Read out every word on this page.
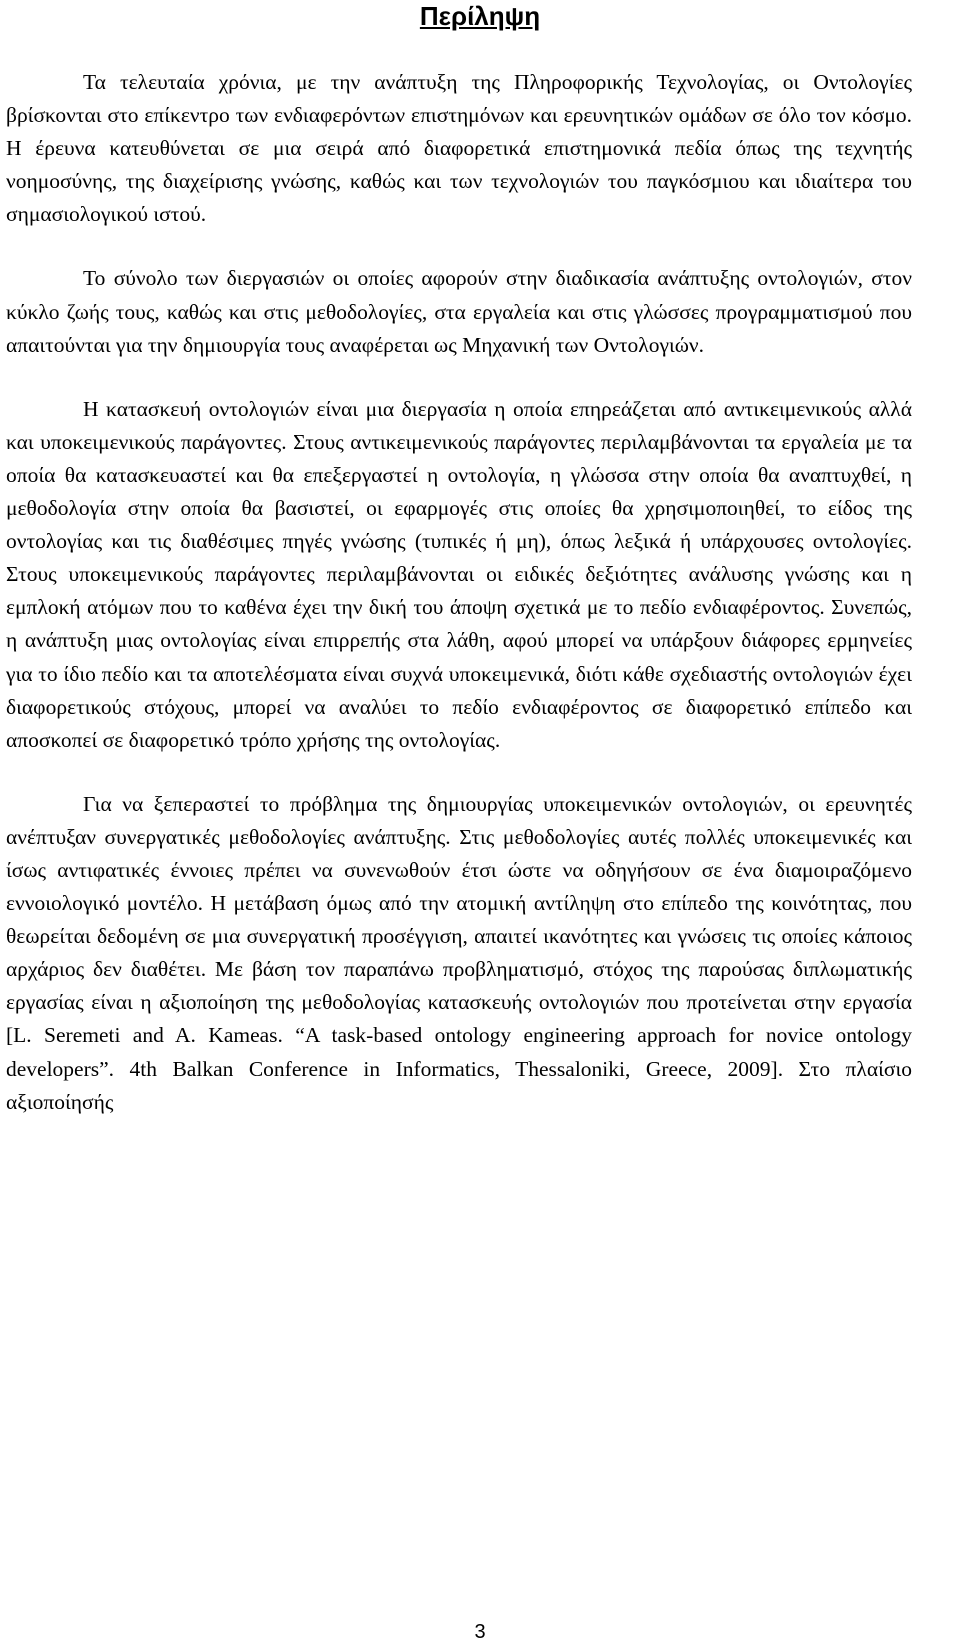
Περίληψη

Τα τελευταία χρόνια, με την ανάπτυξη της Πληροφορικής Τεχνολογίας, οι Οντολογίες βρίσκονται στο επίκεντρο των ενδιαφερόντων επιστημόνων και ερευνητικών ομάδων σε όλο τον κόσμο. Η έρευνα κατευθύνεται σε μια σειρά από διαφορετικά επιστημονικά πεδία όπως της τεχνητής νοημοσύνης, της διαχείρισης γνώσης, καθώς και των τεχνολογιών του παγκόσμιου και ιδιαίτερα του σημασιολογικού ιστού.

Το σύνολο των διεργασιών οι οποίες αφορούν στην διαδικασία ανάπτυξης οντολογιών, στον κύκλο ζωής τους, καθώς και στις μεθοδολογίες, στα εργαλεία και στις γλώσσες προγραμματισμού που απαιτούνται για την δημιουργία τους αναφέρεται ως Μηχανική των Οντολογιών.

Η κατασκευή οντολογιών είναι μια διεργασία η οποία επηρεάζεται από αντικειμενικούς αλλά και υποκειμενικούς παράγοντες. Στους αντικειμενικούς παράγοντες περιλαμβάνονται τα εργαλεία με τα οποία θα κατασκευαστεί και θα επεξεργαστεί η οντολογία, η γλώσσα στην οποία θα αναπτυχθεί, η μεθοδολογία στην οποία θα βασιστεί, οι εφαρμογές στις οποίες θα χρησιμοποιηθεί, το είδος της οντολογίας και τις διαθέσιμες πηγές γνώσης (τυπικές ή μη), όπως λεξικά ή υπάρχουσες οντολογίες. Στους υποκειμενικούς παράγοντες περιλαμβάνονται οι ειδικές δεξιότητες ανάλυσης γνώσης και η εμπλοκή ατόμων που το καθένα έχει την δική του άποψη σχετικά με το πεδίο ενδιαφέροντος. Συνεπώς, η ανάπτυξη μιας οντολογίας είναι επιρρεπής στα λάθη, αφού μπορεί να υπάρξουν διάφορες ερμηνείες για το ίδιο πεδίο και τα αποτελέσματα είναι συχνά υποκειμενικά, διότι κάθε σχεδιαστής οντολογιών έχει διαφορετικούς στόχους, μπορεί να αναλύει το πεδίο ενδιαφέροντος σε διαφορετικό επίπεδο και αποσκοπεί σε διαφορετικό τρόπο χρήσης της οντολογίας.

Για να ξεπεραστεί το πρόβλημα της δημιουργίας υποκειμενικών οντολογιών, οι ερευνητές ανέπτυξαν συνεργατικές μεθοδολογίες ανάπτυξης. Στις μεθοδολογίες αυτές πολλές υποκειμενικές και ίσως αντιφατικές έννοιες πρέπει να συνενωθούν έτσι ώστε να οδηγήσουν σε ένα διαμοιραζόμενο εννοιολογικό μοντέλο. Η μετάβαση όμως από την ατομική αντίληψη στο επίπεδο της κοινότητας, που θεωρείται δεδομένη σε μια συνεργατική προσέγγιση, απαιτεί ικανότητες και γνώσεις τις οποίες κάποιος αρχάριος δεν διαθέτει. Με βάση τον παραπάνω προβληματισμό, στόχος της παρούσας διπλωματικής εργασίας είναι η αξιοποίηση της μεθοδολογίας κατασκευής οντολογιών που προτείνεται στην εργασία [L. Seremeti and A. Kameas. “A task-based ontology engineering approach for novice ontology developers”. 4th Balkan Conference in Informatics, Thessaloniki, Greece, 2009]. Στο πλαίσιο αξιοποίησής

3
